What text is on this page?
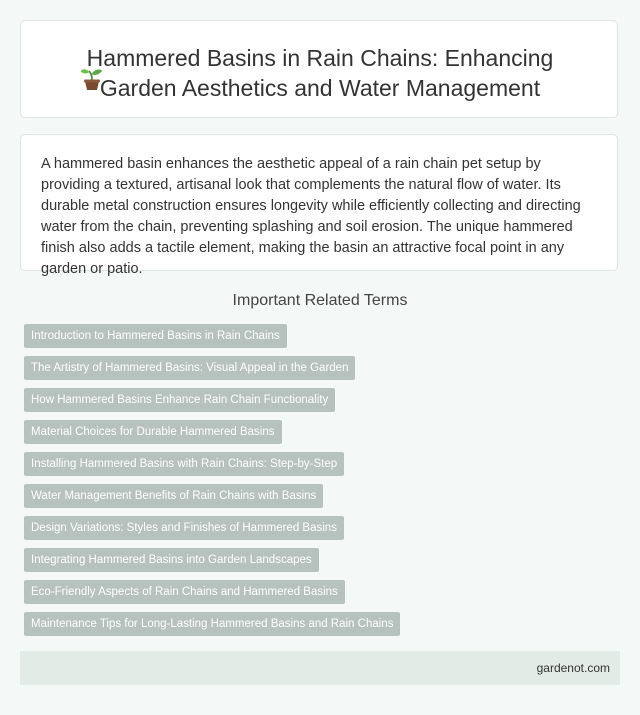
Hammered Basins in Rain Chains: Enhancing
Garden Aesthetics and Water Management

A hammered basin enhances the aesthetic appeal of a rain chain pet setup by providing a textured, artisanal look that complements the natural flow of water. Its durable metal construction ensures longevity while efficiently collecting and directing water from the chain, preventing splashing and soil erosion. The unique hammered finish also adds a tactile element, making the basin an attractive focal point in any garden or patio.

Important Related Terms
Introduction to Hammered Basins in Rain Chains
The Artistry of Hammered Basins: Visual Appeal in the Garden
How Hammered Basins Enhance Rain Chain Functionality
Material Choices for Durable Hammered Basins
Installing Hammered Basins with Rain Chains: Step-by-Step
Water Management Benefits of Rain Chains with Basins
Design Variations: Styles and Finishes of Hammered Basins
Integrating Hammered Basins into Garden Landscapes
Eco-Friendly Aspects of Rain Chains and Hammered Basins
Maintenance Tips for Long-Lasting Hammered Basins and Rain Chains
gardenot.com
